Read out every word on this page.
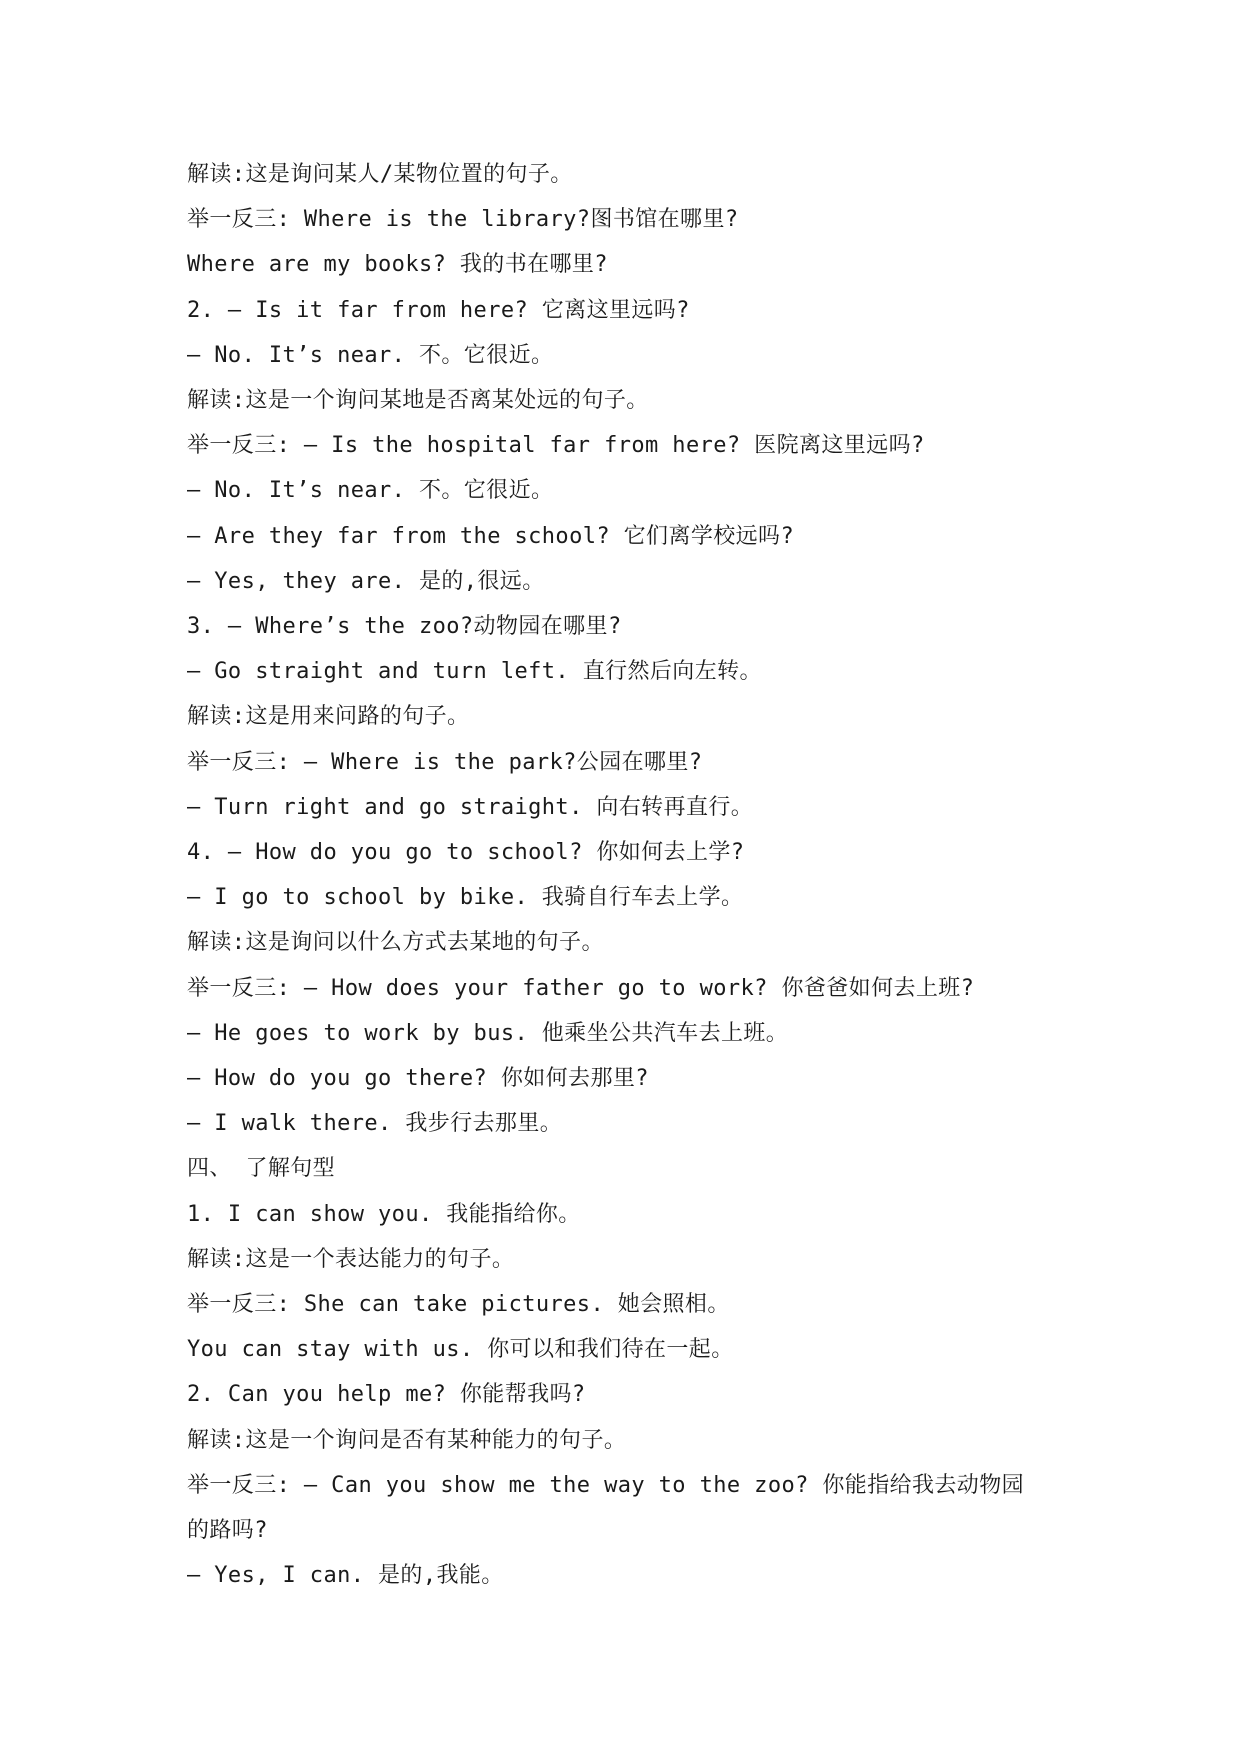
解读:这是询问某人/某物位置的句子。
举一反三: Where is the library?图书馆在哪里?
Where are my books? 我的书在哪里?
2. — Is it far from here? 它离这里远吗?
— No. It’s near. 不。它很近。
解读:这是一个询问某地是否离某处远的句子。
举一反三: — Is the hospital far from here? 医院离这里远吗?
— No. It’s near. 不。它很近。
— Are they far from the school? 它们离学校远吗?
— Yes, they are. 是的,很远。
3. — Where’s the zoo?动物园在哪里?
— Go straight and turn left. 直行然后向左转。
解读:这是用来问路的句子。
举一反三: — Where is the park?公园在哪里?
— Turn right and go straight. 向右转再直行。
4. — How do you go to school? 你如何去上学?
— I go to school by bike. 我骑自行车去上学。
解读:这是询问以什么方式去某地的句子。
举一反三: — How does your father go to work? 你爸爸如何去上班?
— He goes to work by bus. 他乘坐公共汽车去上班。
— How do you go there? 你如何去那里?
— I walk there. 我步行去那里。
四、 了解句型
1. I can show you. 我能指给你。
解读:这是一个表达能力的句子。
举一反三: She can take pictures. 她会照相。
You can stay with us. 你可以和我们待在一起。
2. Can you help me? 你能帮我吗?
解读:这是一个询问是否有某种能力的句子。
举一反三: — Can you show me the way to the zoo? 你能指给我去动物园
的路吗?
— Yes, I can. 是的,我能。
